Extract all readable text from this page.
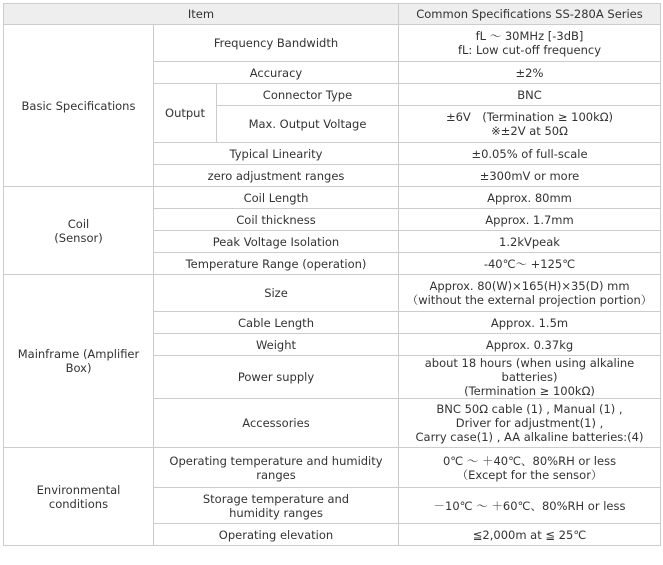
Item			Common Specifications SS-280A Series
Basic Specifications	Frequency Bandwidth		fL ～ 30MHz [-3dB]
fL: Low cut-off frequency

	Accuracy		±2%
	Output	Connector Type	BNC
		Max. Output Voltage	±6V　(Termination ≥ 100kΩ)
※±2V at 50Ω

	Typical Linearity		±0.05% of full-scale
	zero adjustment ranges		±300mV or more

Coil
(Sensor)	Coil Length		Approx. 80mm
	Coil thickness		Approx. 1.7mm
	Peak Voltage Isolation		1.2kVpeak
	Temperature Range (operation)		-40℃～ +125℃
Mainframe (Amplifier Box)	Size		Approx. 80(W)×165(H)×35(D) mm
（without the external projection portion）

	Cable Length		Approx. 1.5m
	Weight		Approx. 0.37kg
	Power supply		about 18 hours (when using alkaline batteries)
(Termination ≥ 100kΩ)

	Accessories		BNC 50Ω cable (1) , Manual (1) ,
Driver for adjustment(1) ,
Carry case(1) , AA alkaline batteries:(4)

Environmental conditions	Operating temperature and humidity ranges		0℃ ～ ＋40℃、80%RH or less
（Except for the sensor）

	Storage temperature and
humidity ranges		－10℃ ～ ＋60℃、80%RH or less
	Operating elevation		≦2,000m at ≦ 25℃
